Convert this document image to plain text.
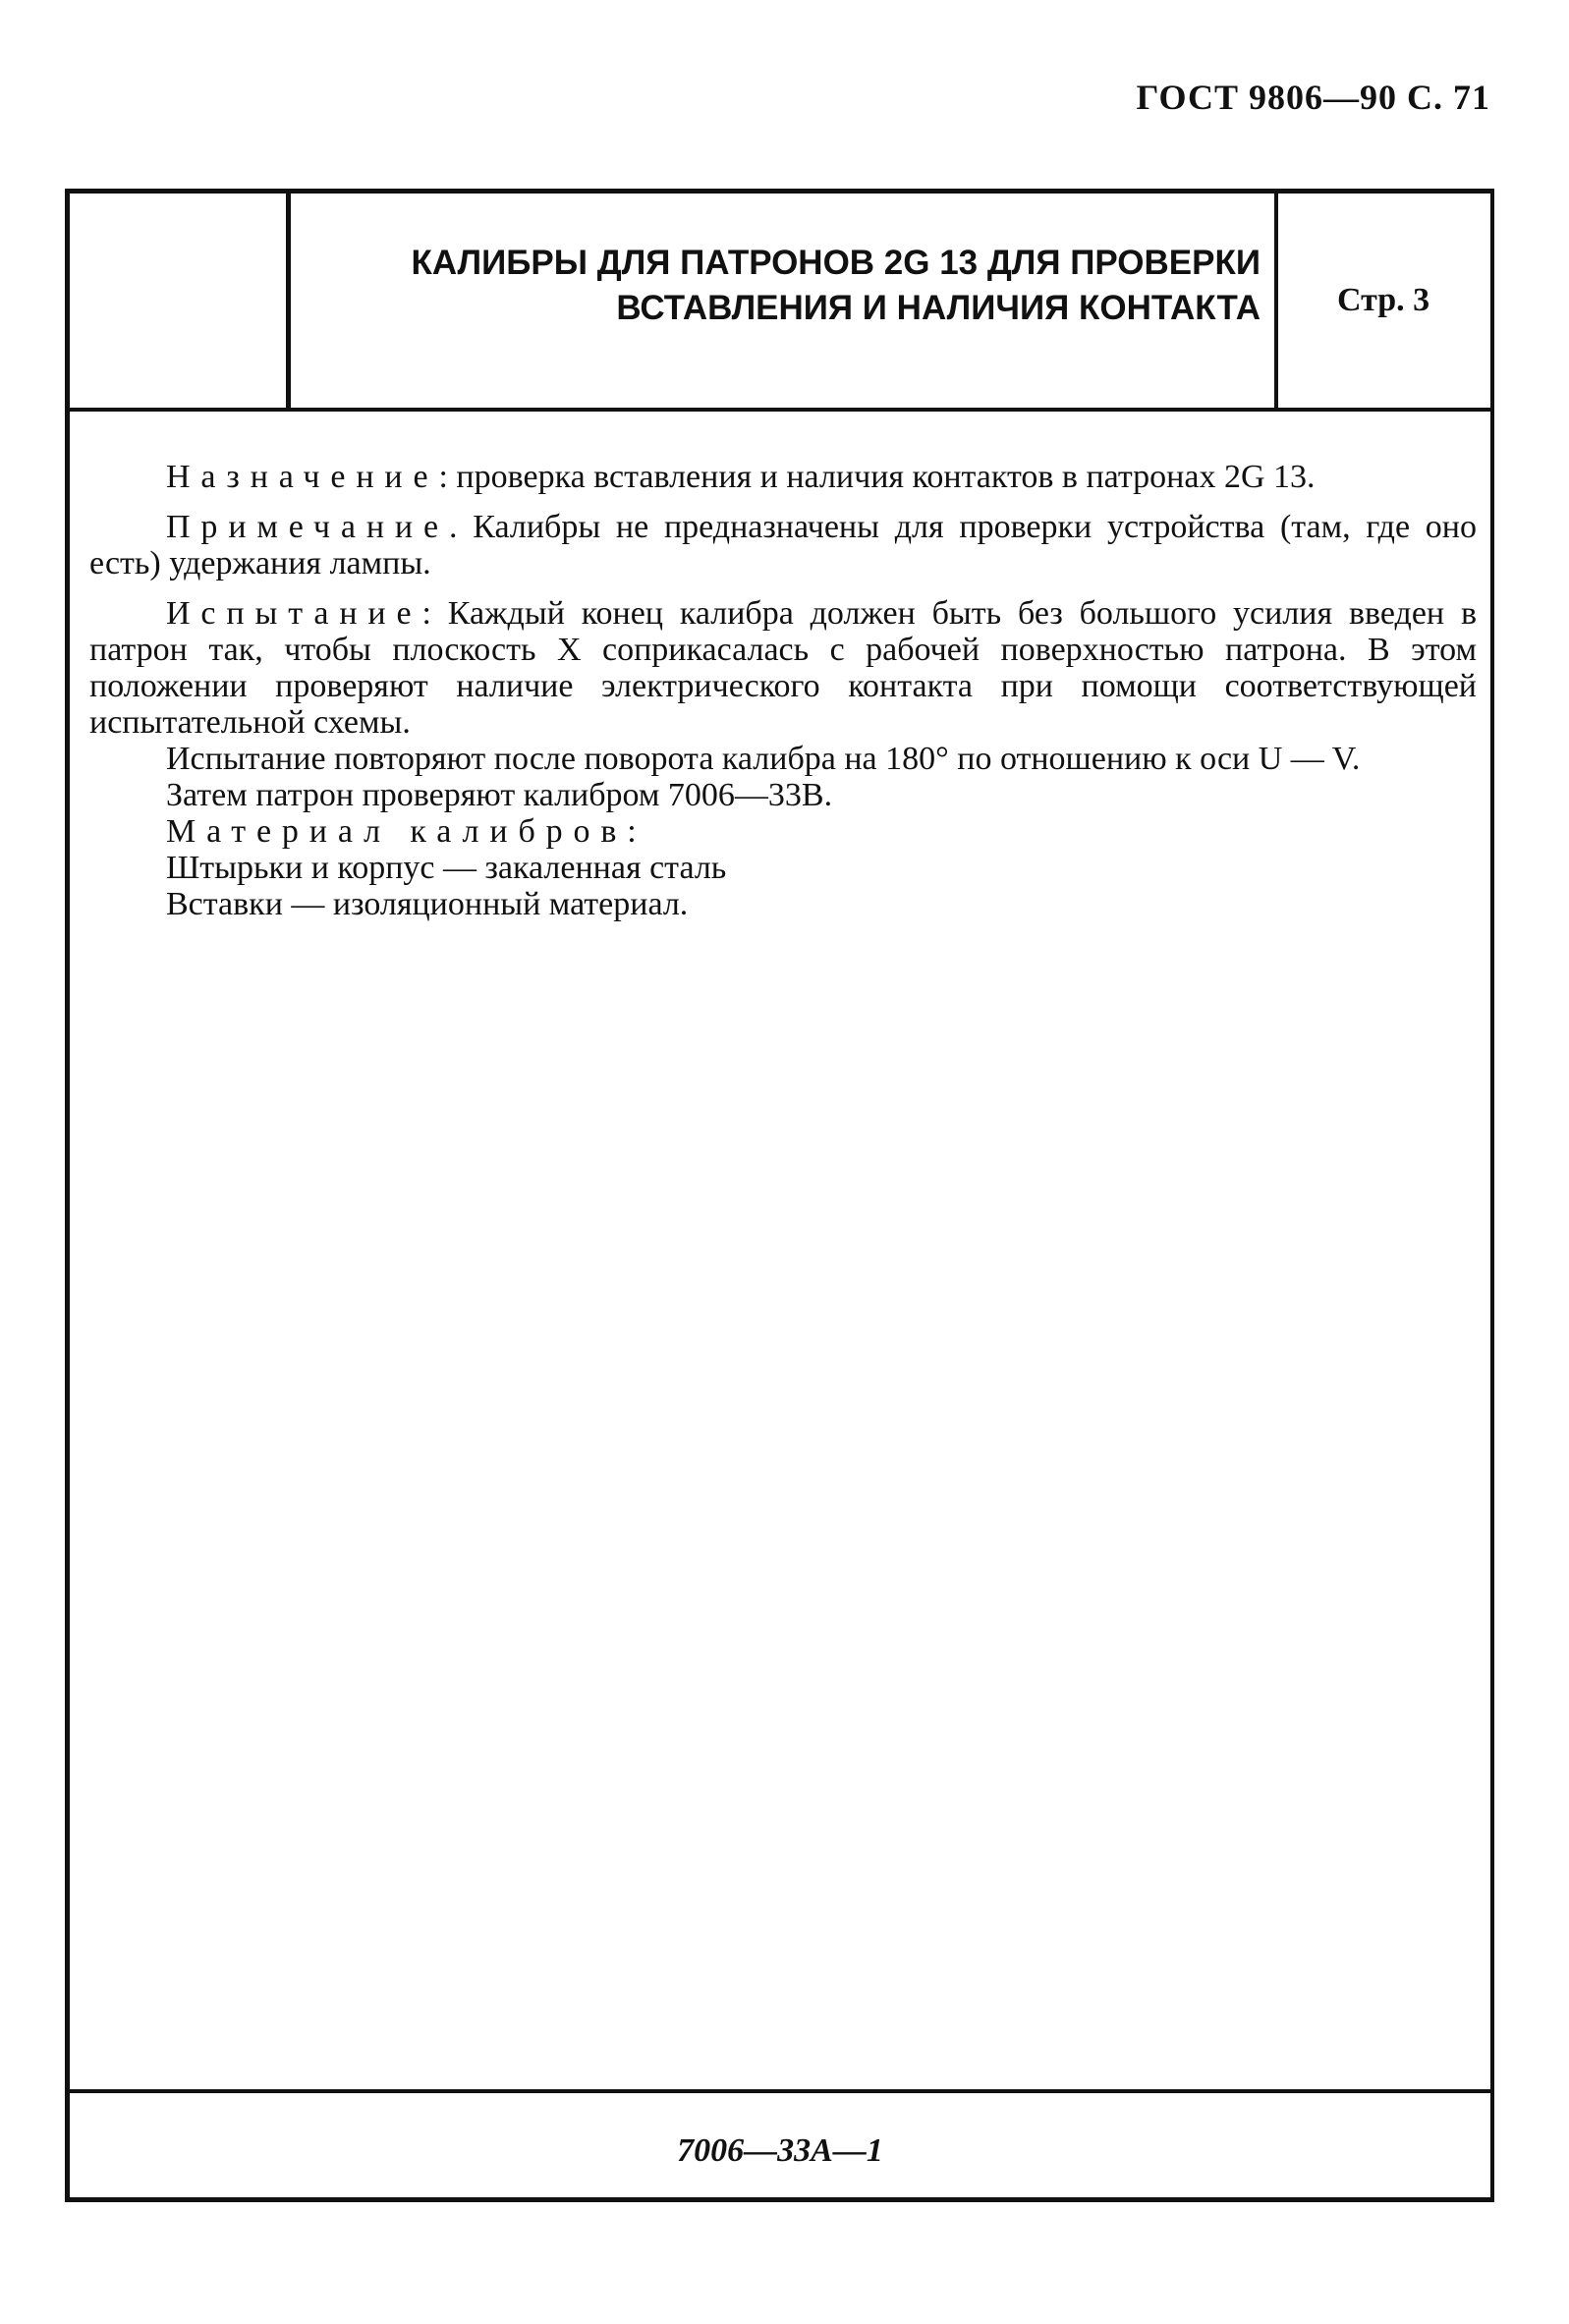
ГОСТ 9806—90 С. 71
КАЛИБРЫ ДЛЯ ПАТРОНОВ 2G 13 ДЛЯ ПРОВЕРКИ
ВСТАВЛЕНИЯ И НАЛИЧИЯ КОНТАКТА Стр. 3

Назначение: проверка вставления и наличия контактов в патронах 2G 13.

Примечание. Калибры не предназначены для проверки устройства (там, где оно есть) удержания лампы.

Испытание: Каждый конец калибра должен быть без большого усилия введен в патрон так, чтобы плоскость X соприкасалась с рабочей поверхностью патрона. В этом положении проверяют наличие электрического контакта при помощи соответствующей испытательной схемы.

Испытание повторяют после поворота калибра на 180° по отношению к оси U — V.

Затем патрон проверяют калибром 7006—33В.

Материал калибров:

Штырьки и корпус — закаленная сталь

Вставки — изоляционный материал.

7006—33А—1
